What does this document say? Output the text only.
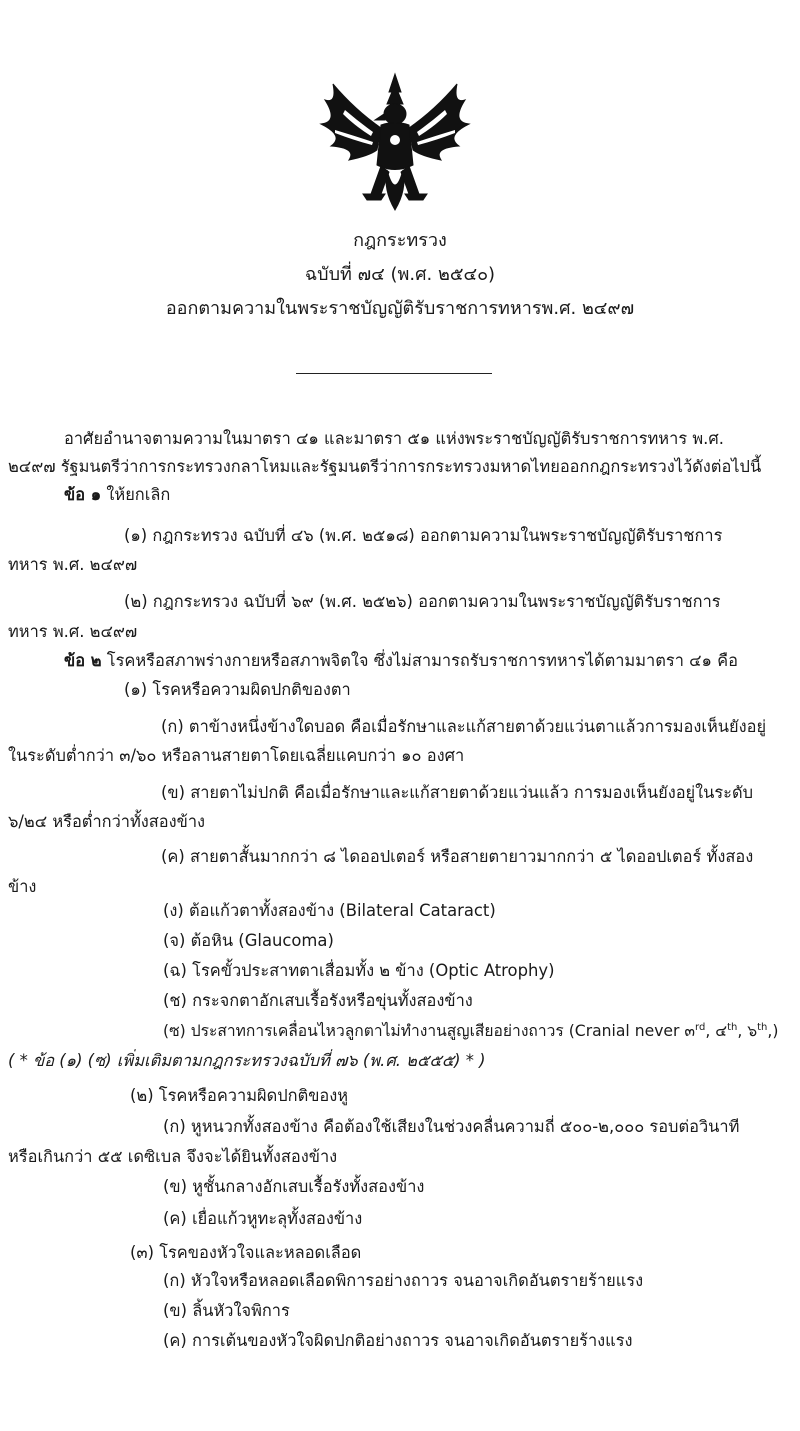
กฎกระทรวง
ฉบับที่ ๗๔ (พ.ศ. ๒๕๔๐)
ออกตามความในพระราชบัญญัติรับราชการทหารพ.ศ. ๒๔๙๗
อาศัยอำนาจตามความในมาตรา ๔๑ และมาตรา ๕๑ แห่งพระราชบัญญัติรับราชการทหาร พ.ศ.
๒๔๙๗ รัฐมนตรีว่าการกระทรวงกลาโหมและรัฐมนตรีว่าการกระทรวงมหาดไทยออกกฎกระทรวงไว้ดังต่อไปนี้
ข้อ ๑ ให้ยกเลิก
(๑) กฎกระทรวง ฉบับที่ ๔๖ (พ.ศ. ๒๕๑๘) ออกตามความในพระราชบัญญัติรับราชการ
ทหาร พ.ศ. ๒๔๙๗
(๒) กฎกระทรวง ฉบับที่ ๖๙ (พ.ศ. ๒๕๒๖) ออกตามความในพระราชบัญญัติรับราชการ
ทหาร พ.ศ. ๒๔๙๗
ข้อ ๒ โรคหรือสภาพร่างกายหรือสภาพจิตใจ ซึ่งไม่สามารถรับราชการทหารได้ตามมาตรา ๔๑ คือ
(๑) โรคหรือความผิดปกติของตา
(ก) ตาข้างหนึ่งข้างใดบอด คือเมื่อรักษาและแก้สายตาด้วยแว่นตาแล้วการมองเห็นยังอยู่
ในระดับต่ำกว่า ๓/๖๐ หรือลานสายตาโดยเฉลี่ยแคบกว่า ๑๐ องศา
(ข) สายตาไม่ปกติ คือเมื่อรักษาและแก้สายตาด้วยแว่นแล้ว การมองเห็นยังอยู่ในระดับ
๖/๒๔ หรือต่ำกว่าทั้งสองข้าง
(ค) สายตาสั้นมากกว่า ๘ ไดออปเตอร์ หรือสายตายาวมากกว่า ๕ ไดออปเตอร์ ทั้งสอง
ข้าง
(ง) ต้อแก้วตาทั้งสองข้าง (Bilateral Cataract)
(จ) ต้อหิน (Glaucoma)
(ฉ) โรคขั้วประสาทตาเสื่อมทั้ง ๒ ข้าง (Optic Atrophy)
(ช) กระจกตาอักเสบเรื้อรังหรือขุ่นทั้งสองข้าง
(ซ) ประสาทการเคลื่อนไหวลูกตาไม่ทำงานสูญเสียอย่างถาวร (Cranial never ๓$^{rd}$, ๔$^{th}$, ๖$^{th}$,)
( * ข้อ (๑) (ซ) เพิ่มเติมตามกฎกระทรวงฉบับที่ ๗๖ (พ.ศ. ๒๕๕๕) * )
(๒) โรคหรือความผิดปกติของหู
(ก) หูหนวกทั้งสองข้าง คือต้องใช้เสียงในช่วงคลื่นความถี่ ๕๐๐-๒,๐๐๐ รอบต่อวินาที
หรือเกินกว่า ๕๕ เดซิเบล จึงจะได้ยินทั้งสองข้าง
(ข) หูชั้นกลางอักเสบเรื้อรังทั้งสองข้าง
(ค) เยื่อแก้วหูทะลุทั้งสองข้าง
(๓) โรคของหัวใจและหลอดเลือด
(ก) หัวใจหรือหลอดเลือดพิการอย่างถาวร จนอาจเกิดอันตรายร้ายแรง
(ข) ลิ้นหัวใจพิการ
(ค) การเต้นของหัวใจผิดปกติอย่างถาวร จนอาจเกิดอันตรายร้างแรง
